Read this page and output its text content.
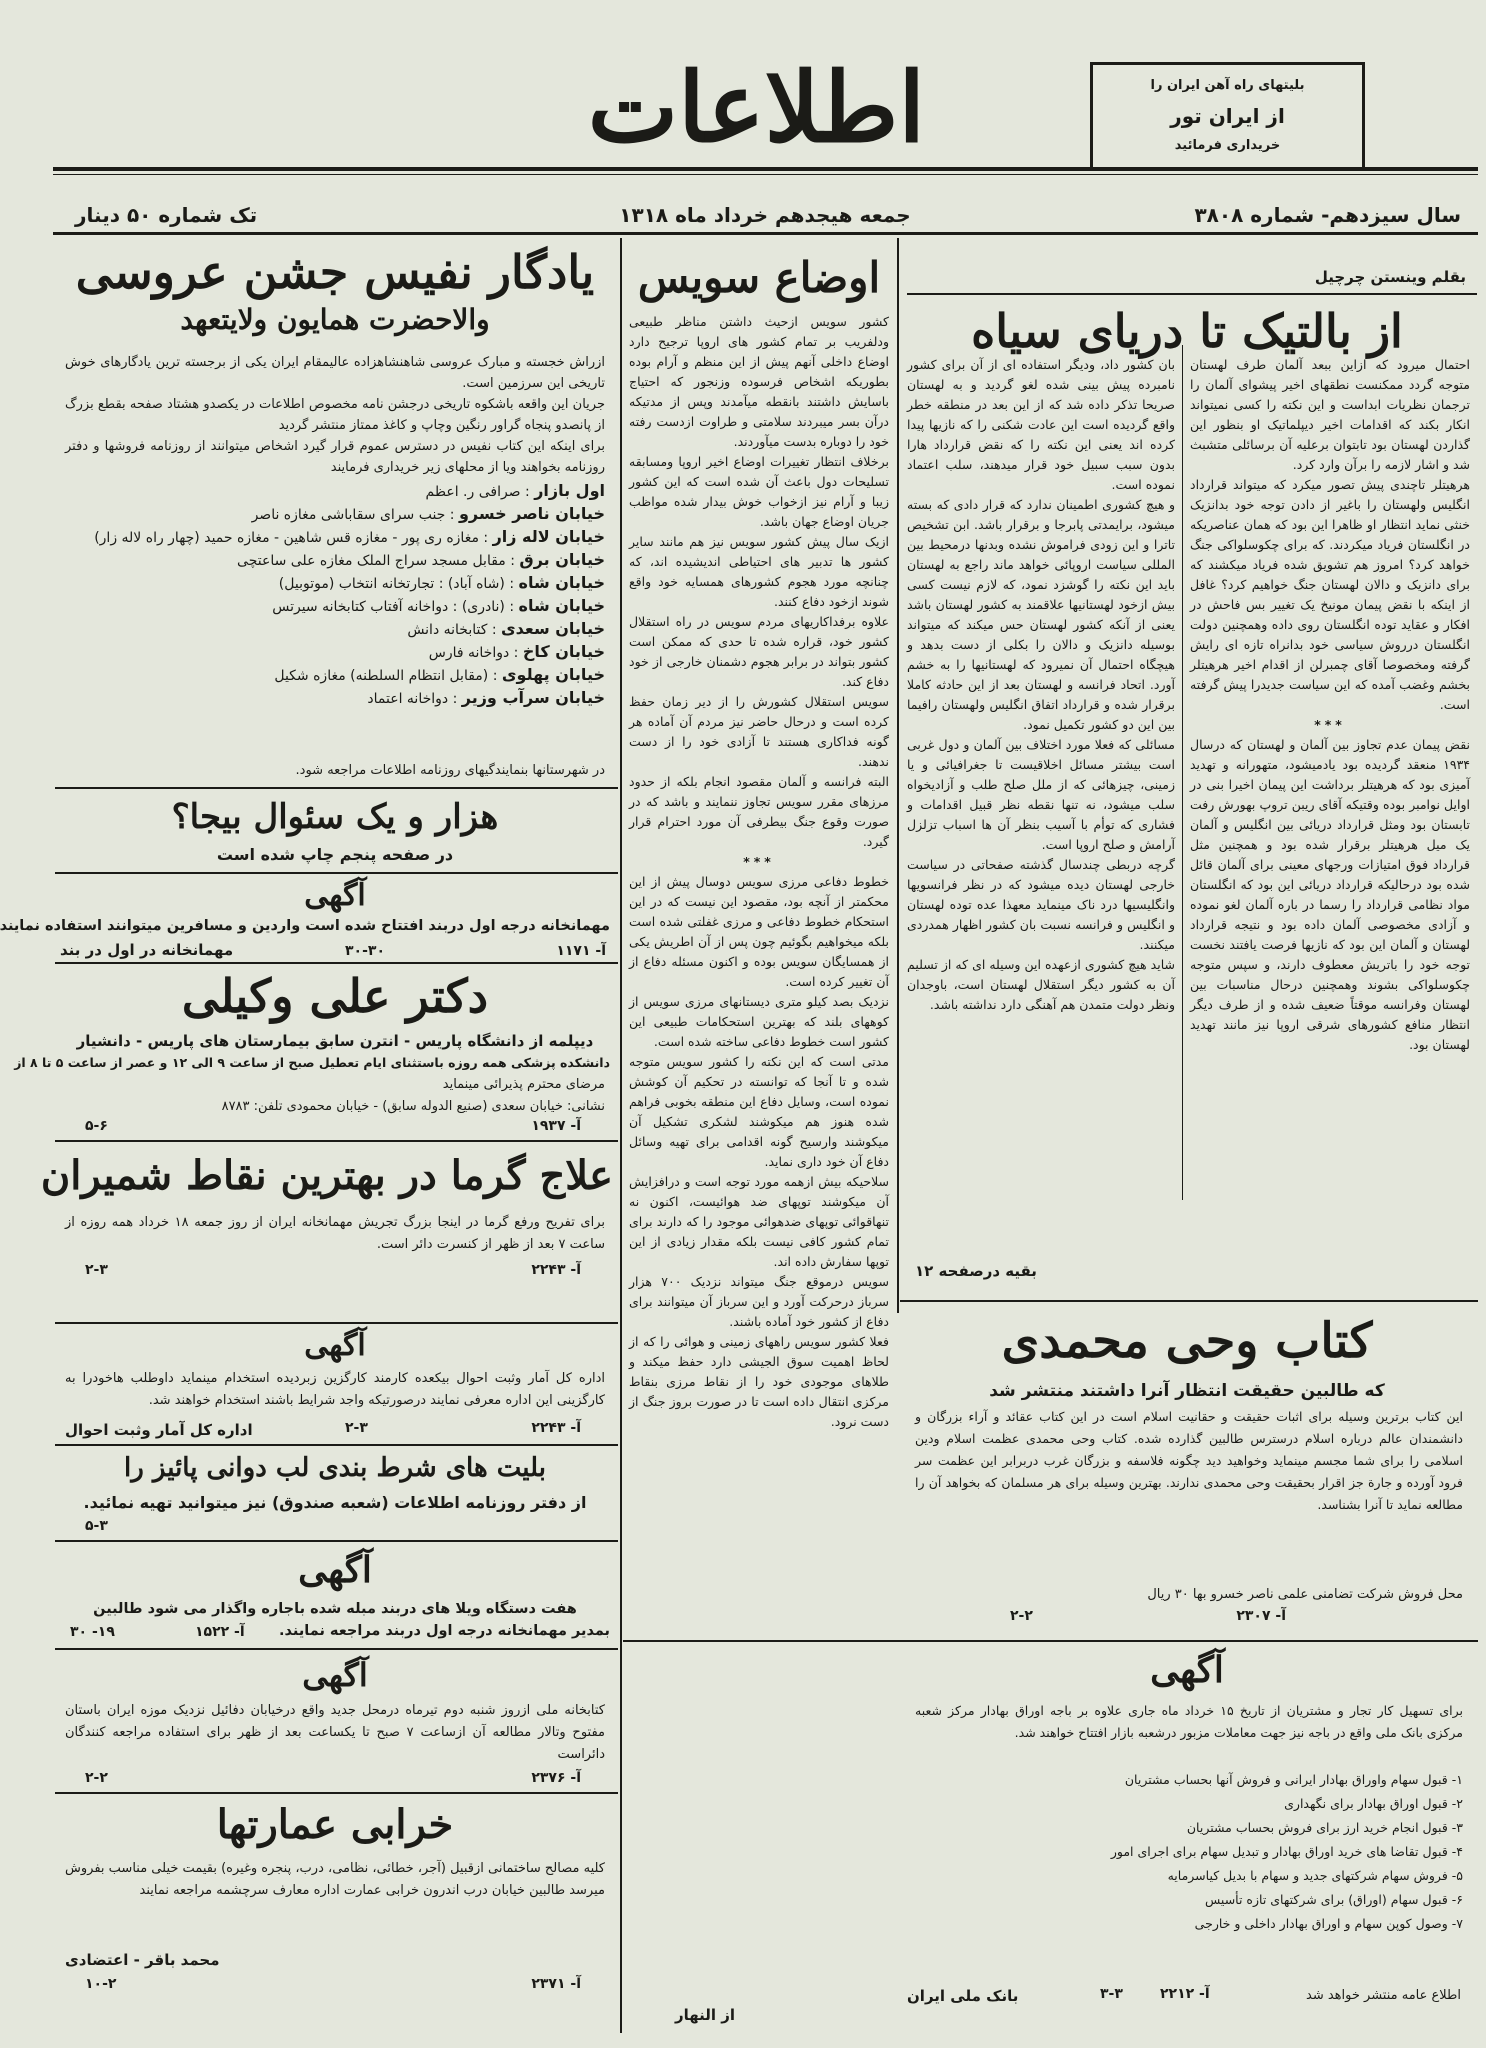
اطلاعات	بلیتهای راه آهن ایران را
از ایران تور
خریداری فرمائید
سال سیزدهم- شماره ۳۸۰۸
جمعه هیجدهم خرداد ماه ۱۳۱۸
تک شماره ۵۰ دینار
بقلم وینستن چرچیل
از بالتیک تا دریای سیاه

احتمال میرود که ازاین ببعد آلمان طرف لهستان متوجه گردد ممکنست نطقهای اخیر پیشوای آلمان را ترجمان نظریات ابداست و این نکته را کسی نمیتواند انکار بکند که اقدامات اخیر دیپلماتیک او بنظور این گذاردن لهستان بود تابتوان برعلیه آن برسائلی متشبث شد و اشار لازمه را برآن وارد کرد.

هرهیتلر تاچندی پیش تصور میکرد که میتواند قرارداد انگلیس ولهستان را باغیر از دادن توجه خود بدانزیک خنثی نماید انتظار او ظاهرا این بود که همان عناصریکه در انگلستان فریاد میکردند. که برای چکوسلواکی جنگ خواهد کرد؟ امروز هم تشویق شده فریاد میکشند که برای دانزیک و دالان لهستان جنگ خواهیم کرد؟ غافل از اینکه با نقض پیمان مونیخ یک تغییر بس فاحش در افکار و عقاید توده انگلستان روی داده وهمچنین دولت انگلستان درروش سیاسی خود بدانراه تازه ای رایش گرفته ومخصوصا آقای چمبرلن از اقدام اخیر هرهیتلر بخشم وغضب آمده که این سیاست جدیدرا پیش گرفته است.

***

نقض پیمان عدم تجاوز بین آلمان و لهستان که درسال ۱۹۳۴ منعقد گردیده بود یادمیشود، متهورانه و تهدید آمیزی بود که هرهیتلر برداشت این پیمان اخیرا بنی در اوایل نوامبر بوده وقتیکه آقای ریبن تروپ بهورش رفت تابستان بود ومثل قرارداد دریائی بین انگلیس و آلمان یک میل هرهیتلر برقرار شده بود و همچنین مثل قرارداد فوق امتیازات ورجهای معینی برای آلمان قائل شده بود درحالیکه قرارداد دریائی این بود که انگلستان مواد نظامی قرارداد را رسما در باره آلمان لغو نموده و آزادی مخصوصی آلمان داده بود و نتیجه قرارداد لهستان و آلمان این بود که نازیها فرصت یافتند نخست توجه خود را باتریش معطوف دارند، و سپس متوجه چکوسلواکی بشوند وهمچنین درحال مناسبات بین لهستان وفرانسه موقتاً ضعیف شده و از طرف دیگر انتظار منافع کشورهای شرقی اروپا نیز مانند تهدید لهستان بود.

بان کشور داد، ودیگر استفاده ای از آن برای کشور نامبرده پیش بینی شده لغو گردید و به لهستان صریحا تذکر داده شد که از این بعد در منطقه خطر واقع گردیده است این عادت شکنی را که نازیها پیدا کرده اند یعنی این نکته را که نقض قرارداد هارا بدون سبب سبیل خود قرار میدهند، سلب اعتماد نموده است.

و هیچ کشوری اطمینان ندارد که قرار دادی که بسته میشود، برایمدتی پابرجا و برقرار باشد. ابن تشخیص تاترا و این زودی فراموش نشده وبدنها درمحیط بین المللی سیاست اروپائی خواهد ماند راجع به لهستان باید این نکته را گوشزد نمود، که لازم نیست کسی بیش ازخود لهستانیها علاقمند به کشور لهستان باشد یعنی از آنکه کشور لهستان حس میکند که میتواند بوسیله دانزیک و دالان را بکلی از دست بدهد و هیچگاه احتمال آن نمیرود که لهستانیها را به خشم آورد. اتحاد فرانسه و لهستان بعد از این حادثه کاملا برقرار شده و قرارداد اتفاق انگلیس ولهستان رافیما بین این دو کشور تکمیل نمود.

مسائلی که فعلا مورد اختلاف بین آلمان و دول غربی است بیشتر مسائل اخلاقیست تا جغرافیائی و یا زمینی، چیزهائی که از ملل صلح طلب و آزادیخواه سلب میشود، نه تنها نقطه نظر قبیل اقدامات و فشاری که توأم با آسیب بنظر آن ها اسباب تزلزل آرامش و صلح اروپا است.

گرچه دربطی چندسال گذشته صفحاتی در سیاست خارجی لهستان دیده میشود که در نظر فرانسویها وانگلیسیها درد ناک مینماید معهذا عده توده لهستان و انگلیس و فرانسه نسبت بان کشور اظهار همدردی میکنند.

شاید هیچ کشوری ازعهده این وسیله ای که از تسلیم آن به کشور دیگر استقلال لهستان است، باوجدان ونظر دولت متمدن هم آهنگی دارد نداشته باشد.

بقیه درصفحه ۱۲
اوضاع سویس

کشور سویس ازحیث داشتن مناظر طبیعی ودلفریب بر تمام کشور های اروپا ترجیح دارد اوضاع داخلی آنهم پیش از این منظم و آرام بوده بطوریکه اشخاص فرسوده وزنجور که احتیاج باسایش داشتند بانقطه میآمدند وپس از مدتیکه درآن بسر میبردند سلامتی و طراوت ازدست رفته خود را دوباره بدست میآوردند.

برخلاف انتظار تغییرات اوضاع اخیر اروپا ومسابقه تسلیحات دول باعث آن شده است که این کشور زیبا و آرام نیز ازخواب خوش بیدار شده مواظب جریان اوضاع جهان باشد.

ازیک سال پیش کشور سویس نیز هم مانند سایر کشور ها تدبیر های احتیاطی اندیشیده اند، که چنانچه مورد هجوم کشورهای همسایه خود واقع شوند ازخود دفاع کنند.

علاوه برفداکاریهای مردم سویس در راه استقلال کشور خود، قراره شده تا حدی که ممکن است کشور بتواند در برابر هجوم دشمنان خارجی از خود دفاع کند.

سویس استقلال کشورش را از دیر زمان حفظ کرده است و درحال حاضر نیز مردم آن آماده هر گونه فداکاری هستند تا آزادی خود را از دست ندهند.

البته فرانسه و آلمان مقصود انجام بلکه از حدود مرزهای مقرر سویس تجاوز ننمایند و باشد که در صورت وقوع جنگ بیطرفی آن مورد احترام قرار گیرد.

***

خطوط دفاعی مرزی سویس دوسال پیش از این محکمتر از آنچه بود، مقصود این نیست که در این استحکام خطوط دفاعی و مرزی غفلتی شده است بلکه میخواهیم بگوئیم چون پس از آن اطریش یکی از همسایگان سویس بوده و اکنون مسئله دفاع از آن تغییر کرده است.

نزدیک بصد کیلو متری دیستانهای مرزی سویس از کوههای بلند که بهترین استحکامات طبیعی این کشور است خطوط دفاعی ساخته شده است.

مدتی است که این نکته را کشور سویس متوجه شده و تا آنجا که توانسته در تحکیم آن کوشش نموده است، وسایل دفاع این منطقه بخوبی فراهم شده هنوز هم میکوشند لشکری تشکیل آن میکوشند وارسیح گونه اقدامی برای تهیه وسائل دفاع آن خود داری نماید.

سلاحیکه بیش ازهمه مورد توجه است و درافزایش آن میکوشند توپهای ضد هوائیست، اکنون نه تنهاقوائی توپهای ضدهوائی موجود را که دارند برای تمام کشور کافی نیست بلکه مقدار زیادی از این توپها سفارش داده اند.

سویس درموقع جنگ میتواند نزدیک ۷۰۰ هزار سرباز درحرکت آورد و این سرباز آن میتوانند برای دفاع از کشور خود آماده باشند.

فعلا کشور سویس راههای زمینی و هوائی را که از لحاظ اهمیت سوق الجیشی دارد حفظ میکند و طلاهای موجودی خود را از نقاط مرزی بنقاط مرکزی انتقال داده است تا در صورت بروز جنگ از دست نرود.

از النهار
یادگار نفیس جشن عروسی
والاحضرت همایون ولایتعهد

ازراش خجسته و مبارک عروسی شاهنشاهزاده عالیمقام ایران یکی از برجسته ترین یادگارهای خوش تاریخی این سرزمین است.

جریان این واقعه باشکوه تاریخی درجشن نامه مخصوص اطلاعات در یکصدو هشتاد صفحه بقطع بزرگ از پانصدو پنجاه گراور رنگین وچاپ و کاغذ ممتاز منتشر گردید

برای اینکه این کتاب نفیس در دسترس عموم قرار گیرد اشخاص میتوانند از روزنامه فروشها و دفتر روزنامه بخواهند ویا از محلهای زیر خریداری فرمایند

اول بازار : صرافی ر. اعظم
خیابان ناصر خسرو : جنب سرای سقاباشی مغازه ناصر
خیابان لاله زار : مغازه ری پور - مغازه قس شاهین - مغازه حمید (چهار راه لاله زار)
خیابان برق : مقابل مسجد سراج الملک مغازه علی ساعتچی
خیابان شاه : (شاه آباد) : تجارتخانه انتخاب (موتوبیل)
خیابان شاه : (نادری) : دواخانه آفتاب کتابخانه سیرتس
خیابان سعدی : کتابخانه دانش
خیابان کاخ : دواخانه فارس
خیابان پهلوی : (مقابل انتظام السلطنه) مغازه شکیل
خیابان سرآب وزیر : دواخانه اعتماد
در شهرستانها بنمایندگیهای روزنامه اطلاعات مراجعه شود.
هزار و یک سئوال بیجا؟
در صفحه پنجم چاپ شده است
آگهی
مهمانخانه درجه اول دربند افتتاح شده است واردین و مسافرین میتوانند استفاده نمایند
مهمانخانه در اول در بند	آ- ۱۱۷۱
۳۰-۳۰
دکتر علی وکیلی
دیپلمه از دانشگاه پاریس - انترن سابق بیمارستان های پاریس - دانشیار
دانشکده پزشکی همه روزه باستثنای ایام تعطیل صبح از ساعت ۹ الی ۱۲ و عصر از ساعت ۵ تا ۸ از
مرضای محترم پذیرائی مینماید
نشانی: خیابان سعدی (صنیع الدوله سابق) - خیابان محمودی تلفن: ۸۷۸۳
آ- ۱۹۳۷
۵-۶
علاج گرما در بهترین نقاط شمیران
برای تفریح ورفع گرما در اینجا بزرگ تجریش مهمانخانه ایران از روز جمعه ۱۸ خرداد همه روزه از ساعت ۷ بعد از ظهر از کنسرت دائر است.
آ- ۲۲۴۳
۲-۳
آگهی
اداره کل آمار وثبت احوال بیکعده کارمند کارگزین زبردیده استخدام مینماید داوطلب هاخودرا به کارگزینی این اداره معرفی نمایند درصورتیکه واجد شرایط باشند استخدام خواهند شد.
اداره کل آمار وثبت احوال	آ- ۲۲۴۳
۲-۳
بلیت های شرط بندی لب دوانی پائیز را
از دفتر روزنامه اطلاعات (شعبه صندوق) نیز میتوانید تهیه نمائید.
۵-۳
آگهی
هفت دستگاه ویلا های دربند مبله شده باجاره واگذار می شود طالبین
بمدیر مهمانخانه درجه اول دربند مراجعه نمایند.
آ- ۱۵۲۲
۱۹- ۳۰
آگهی
کتابخانه ملی ازروز شنبه دوم تیرماه درمحل جدید واقع درخیابان دفائیل نزدیک موزه ایران باستان مفتوح وتالار مطالعه آن ازساعت ۷ صبح تا یکساعت بعد از ظهر برای استفاده مراجعه کنندگان دائراست
آ- ۲۳۷۶
۲-۲
خرابی عمارتها
کلیه مصالح ساختمانی ازقبیل (آجر، خطائی، نظامی، درب، پنجره وغیره) بقیمت خیلی مناسب بفروش میرسد طالبین خیابان درب اندرون خرابی عمارت اداره معارف سرچشمه مراجعه نمایند
محمد باقر - اعتضادی
آ- ۲۳۷۱
۱۰-۲
کتاب وحی محمدی
که طالبین حقیقت انتظار آنرا داشتند منتشر شد
این کتاب برترین وسیله برای اثبات حقیقت و حقانیت اسلام است در این کتاب عقائد و آراء بزرگان و دانشمندان عالم درباره اسلام درسترس طالبین گذارده شده. کتاب وحی محمدی عظمت اسلام ودین اسلامی را برای شما مجسم مینماید وخواهید دید چگونه فلاسفه و بزرگان غرب دربرابر این عظمت سر فرود آورده و جارة جز اقرار بحقیقت وحی محمدی ندارند. بهترین وسیله برای هر مسلمان که بخواهد آن را مطالعه نماید تا آنرا بشناسد.
محل فروش شرکت تضامنی علمی ناصر خسرو بها ۳۰ ریال
آ- ۲۳۰۷
۲-۲
آگهی
برای تسهیل کار تجار و مشتریان از تاریخ ۱۵ خرداد ماه جاری علاوه بر باجه اوراق بهادار مرکز شعبه مرکزی بانک ملی واقع در باجه نیز جهت معاملات مزبور درشعبه بازار افتتاح خواهند شد.
۱- قبول سهام واوراق بهادار ایرانی و فروش آنها بحساب مشتریان
۲- قبول اوراق بهادار برای نگهداری
۳- قبول انجام خرید ارز برای فروش بحساب مشتریان
۴- قبول تقاضا های خرید اوراق بهادار و تبدیل سهام برای اجرای امور
۵- فروش سهام شرکتهای جدید و سهام با بدیل کیاسرمایه
۶- قبول سهام (اوراق) برای شرکتهای تازه تأسیس
۷- وصول کوپن سهام و اوراق بهادار داخلی و خارجی
اطلاع عامه منتشر خواهد شد
بانک ملی ایران	آ- ۲۲۱۲
۳-۳
